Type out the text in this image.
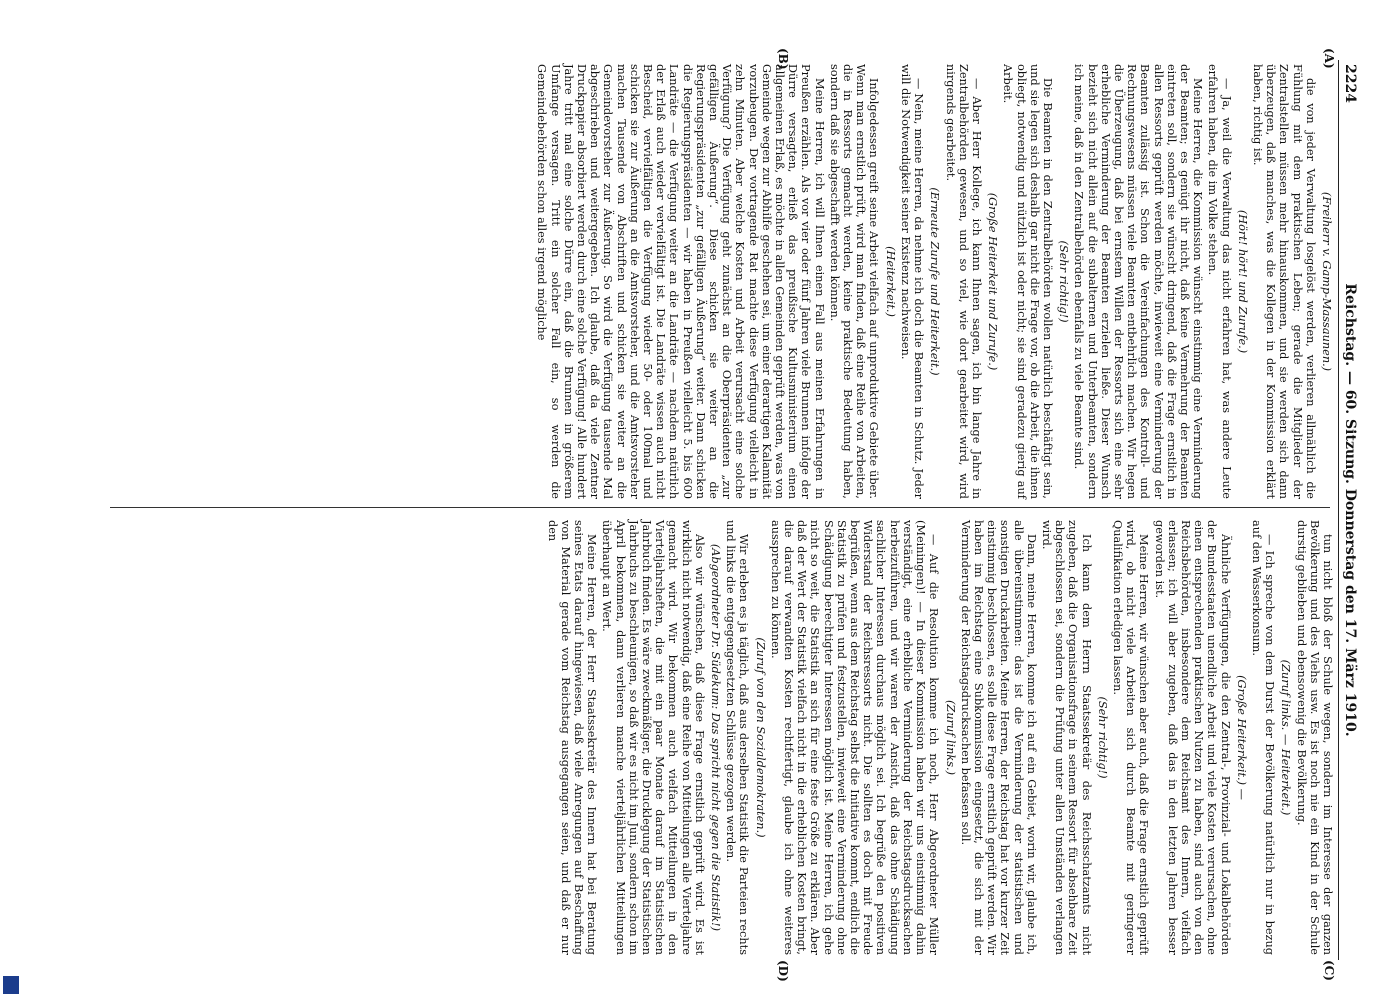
2224
Reichstag. — 60. Sitzung. Donnerstag den 17. März 1910.
(A)
(B)
(C)
(D)

(Freiherr v. Gamp-Massaunen.)

die von jeder Verwaltung losgelöst werden, verlieren allmählich die Fühlung mit dem praktischen Leben; gerade die Mitglieder der Zentralstellen müssen mehr hinauskommen, und sie werden sich dann überzeugen, daß manches, was die Kollegen in der Kommission erklärt haben, richtig ist.

(Hört! hört! und Zurufe.)

— Ja, weil die Verwaltung das nicht erfahren hat, was andere Leute erfahren haben, die im Volke stehen.

Meine Herren, die Kommission wünscht einstimmig eine Verminderung der Beamten; es genügt ihr nicht, daß keine Vermehrung der Beamten eintreten soll, sondern sie wünscht dringend, daß die Frage ernstlich in allen Ressorts geprüft werden möchte, inwieweit eine Verminderung der Beamten zulässig ist. Schon die Vereinfachungen des Kontroll- und Rechnungswesens müssen viele Beamten entbehrlich machen. Wir hegen die Überzeugung, daß bei ernstem Willen der Ressorts sich eine sehr erhebliche Verminderung der Beamten erzielen ließe. Dieser Wunsch bezieht sich nicht allein auf die subalternen und Unterbeamten, sondern ich meine, daß in den Zentralbehörden ebenfalls zu viele Beamte sind.

(Sehr richtig!)

Die Beamten in den Zentralbehörden wollen natürlich beschäftigt sein, und sie legen sich deshalb gar nicht die Frage vor, ob die Arbeit, die ihnen obliegt, notwendig und nützlich ist oder nicht; sie sind geradezu gierig auf Arbeit.

(Große Heiterkeit und Zurufe.)

— Aber Herr Kollege, ich kann Ihnen sagen, ich bin lange Jahre in Zentralbehörden gewesen, und so viel, wie dort gearbeitet wird, wird nirgends gearbeitet.

(Erneute Zurufe und Heiterkeit.)

— Nein, meine Herren, da nehme ich doch die Beamten in Schutz. Jeder will die Notwendigkeit seiner Existenz nachweisen.

(Heiterkeit.)

Infolgedessen greift seine Arbeit vielfach auf unproduktive Gebiete über. Wenn man ernstlich prüft, wird man finden, daß eine Reihe von Arbeiten, die in Ressorts gemacht werden, keine praktische Bedeutung haben, sondern daß sie abgeschafft werden können.

Meine Herren, ich will Ihnen einen Fall aus meinen Erfahrungen in Preußen erzählen. Als vor vier oder fünf Jahren viele Brunnen infolge der Dürre versagten, erließ das preußische Kultusministerium einen allgemeinen Erlaß, es möchte in allen Gemeinden geprüft werden, was von Gemeinde wegen zur Abhilfe geschehen sei, um einer derartigen Kalamität vorzubeugen. Der vortragende Rat machte diese Verfügung vielleicht in zehn Minuten. Aber welche Kosten und Arbeit verursacht eine solche Verfügung? Die Verfügung geht zunächst an die Oberpräsidenten „zur gefälligen Äußerung“. Diese schicken sie weiter an die Regierungspräsidenten „zur gefälligen Äußerung“ weiter. Dann schicken die Regierungspräsidenten — wir haben in Preußen vielleicht 5. bis 600 Landräte — die Verfügung weiter an die Landräte — nachdem natürlich der Erlaß auch wieder vervielfältigt ist. Die Landräte wissen auch nicht Bescheid, vervielfältigen die Verfügung wieder 50- oder 100mal und schicken sie zur Äußerung an die Amtsvorsteher, und die Amtsvorsteher machen Tausende von Abschriften und schicken sie weiter an die Gemeindevorsteher zur Äußerung. So wird die Verfügung tausende Mal abgeschrieben und weitergegeben. Ich glaube, daß da viele Zentner Druckpapier absorbiert werden durch eine solche Verfügung! Alle hundert Jahre tritt mal eine solche Dürre ein, daß die Brunnen in größerem Umfange versagen. Tritt ein solcher Fall ein, so werden die Gemeindebehörden schon alles irgend mögliche

tun nicht bloß der Schule wegen, sondern im Interesse der ganzen Bevölkerung und des Viehs usw. Es ist noch nie ein Kind in der Schule durstig geblieben und ebensowenig die Bevölkerung.

(Zuruf links. — Heiterkeit.)

— Ich spreche von dem Durst der Bevölkerung natürlich nur in bezug auf den Wasserkonsum.

(Große Heiterkeit.) —

Ähnliche Verfügungen, die den Zentral-, Provinzial- und Lokalbehörden der Bundesstaaten unendliche Arbeit und viele Kosten verursachen, ohne einen entsprechenden praktischen Nutzen zu haben, sind auch von den Reichsbehörden, insbesondere dem Reichsamt des Innern, vielfach erlassen; ich will aber zugeben, daß das in den letzten Jahren besser geworden ist.

Meine Herren, wir wünschen aber auch, daß die Frage ernstlich geprüft wird, ob nicht viele Arbeiten sich durch Beamte mit geringerer Qualifikation erledigen lassen.

(Sehr richtig!)

Ich kann dem Herrn Staatssekretär des Reichsschatzamts nicht zugeben, daß die Organisationsfrage in seinem Ressort für absehbare Zeit abgeschlossen sei, sondern die Prüfung unter allen Umständen verlangen wird.

Dann, meine Herren, komme ich auf ein Gebiet, worin wir, glaube ich, alle übereinstimmen: das ist die Verminderung der statistischen und sonstigen Druckarbeiten. Meine Herren, der Reichstag hat vor kurzer Zeit einstimmig beschlossen, es solle diese Frage ernstlich geprüft werden. Wir haben im Reichstag eine Subkommission eingesetzt, die sich mit der Verminderung der Reichstagsdrucksachen befassen soll.

(Zuruf links.)

— Auf die Resolution komme ich noch, Herr Abgeordneter Müller (Meiningen)! — In dieser Kommission haben wir uns einstimmig dahin verständigt, eine erhebliche Verminderung der Reichstagsdrucksachen herbeizuführen, und wir waren der Ansicht, daß das ohne Schädigung sachlicher Interessen durchaus möglich sei. Ich begrüße den positiven Widerstand der Reichsressorts nicht. Die sollten es doch mit Freude begrüßen, wenn aus dem Reichstag selbst die Initiative kommt, endlich die Statistik zu prüfen und festzustellen, inwieweit eine Verminderung ohne Schädigung berechtigter Interessen möglich ist. Meine Herren, ich gehe nicht so weit, die Statistik an sich für eine feste Größe zu erklären. Aber daß der Wert der Statistik vielfach nicht in die erheblichen Kosten bringt, die darauf verwandten Kosten rechtfertigt, glaube ich ohne weiteres aussprechen zu können.

(Zuruf von den Sozialdemokraten.)

Wir erleben es ja täglich, daß aus derselben Statistik die Parteien rechts und links die entgegengesetzten Schlüsse gezogen werden.

(Abgeordneter Dr. Südekum: Das spricht nicht gegen die Statistik!)

Also wir wünschen, daß diese Frage ernstlich geprüft wird. Es ist wirklich nicht notwendig, daß eine Reihe von Mitteilungen alle Vierteljahre gemacht wird. Wir bekommen auch vielfach Mitteilungen in den Vierteljahrsheften, die mit ein paar Monate darauf im Statistischen Jahrbuch finden. Es wäre zweckmäßiger, die Drucklegung der Statistischen Jahrbuchs zu beschleunigen, so daß wir es nicht im Juni, sondern schon im April bekommen, dann verlieren manche vierteljährlichen Mitteilungen überhaupt an Wert.

Meine Herren, der Herr Staatssekretär des Innern hat bei Beratung seines Etats darauf hingewiesen, daß viele Anregungen auf Beschaffung von Material gerade vom Reichstag ausgegangen seien, und daß er nur den
